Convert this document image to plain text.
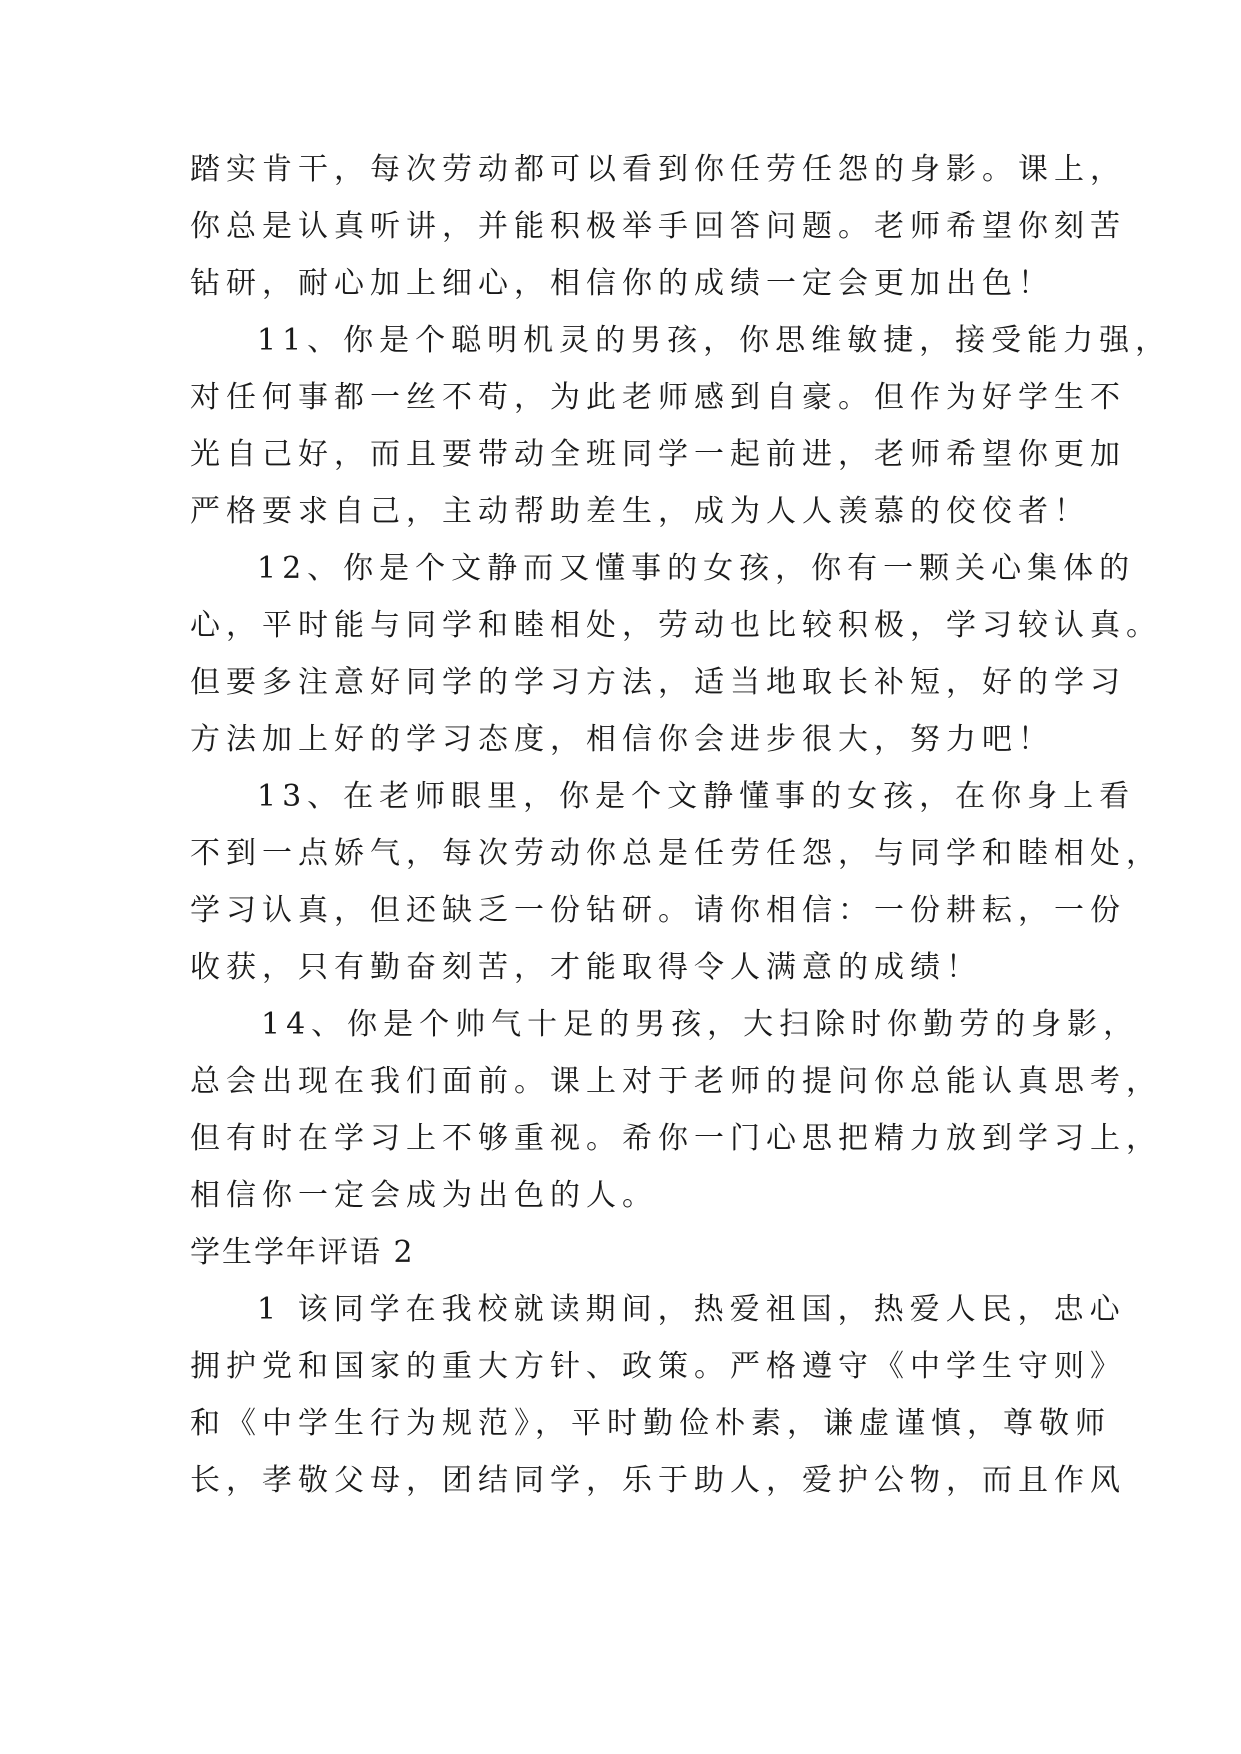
踏实肯干，每次劳动都可以看到你任劳任怨的身影。课上，
你总是认真听讲，并能积极举手回答问题。老师希望你刻苦
钻研，耐心加上细心，相信你的成绩一定会更加出色！
11、你是个聪明机灵的男孩，你思维敏捷，接受能力强，
对任何事都一丝不苟，为此老师感到自豪。但作为好学生不
光自己好，而且要带动全班同学一起前进，老师希望你更加
严格要求自己，主动帮助差生，成为人人羡慕的佼佼者！
12、你是个文静而又懂事的女孩，你有一颗关心集体的
心，平时能与同学和睦相处，劳动也比较积极，学习较认真。
但要多注意好同学的学习方法，适当地取长补短，好的学习
方法加上好的学习态度，相信你会进步很大，努力吧！
13、在老师眼里，你是个文静懂事的女孩，在你身上看
不到一点娇气，每次劳动你总是任劳任怨，与同学和睦相处，
学习认真，但还缺乏一份钻研。请你相信：一份耕耘，一份
收获，只有勤奋刻苦，才能取得令人满意的成绩！
14、你是个帅气十足的男孩，大扫除时你勤劳的身影，
总会出现在我们面前。课上对于老师的提问你总能认真思考，
但有时在学习上不够重视。希你一门心思把精力放到学习上，
相信你一定会成为出色的人。
学生学年评语 2
1 该同学在我校就读期间，热爱祖国，热爱人民，忠心
拥护党和国家的重大方针、政策。严格遵守《中学生守则》
和《中学生行为规范》，平时勤俭朴素，谦虚谨慎，尊敬师
长，孝敬父母，团结同学，乐于助人，爱护公物，而且作风
